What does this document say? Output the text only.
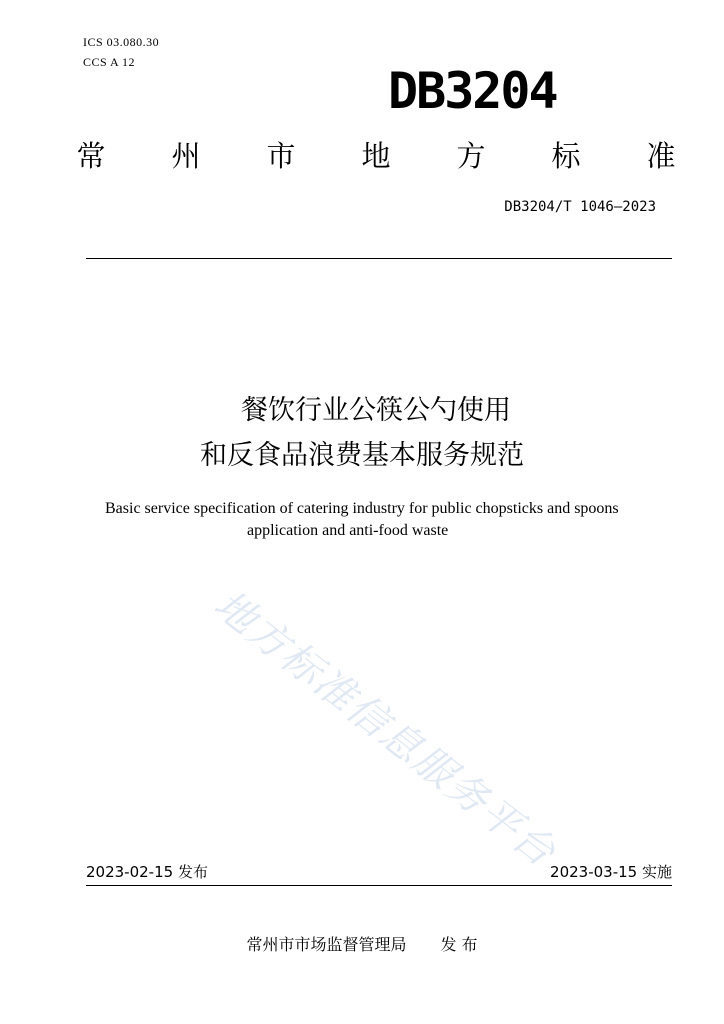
ICS 03.080.30
CCS A 12	DB3204
常 州 市 地 方 标 准
DB3204/T 1046—2023
餐饮行业公筷公勺使用
和反食品浪费基本服务规范
Basic service specification of catering industry for public chopsticks and spoons
application and anti-food waste
地方标准信息服务平台
2023-02-15 发布	2023-03-15 实施
常州市市场监督管理局 发 布
